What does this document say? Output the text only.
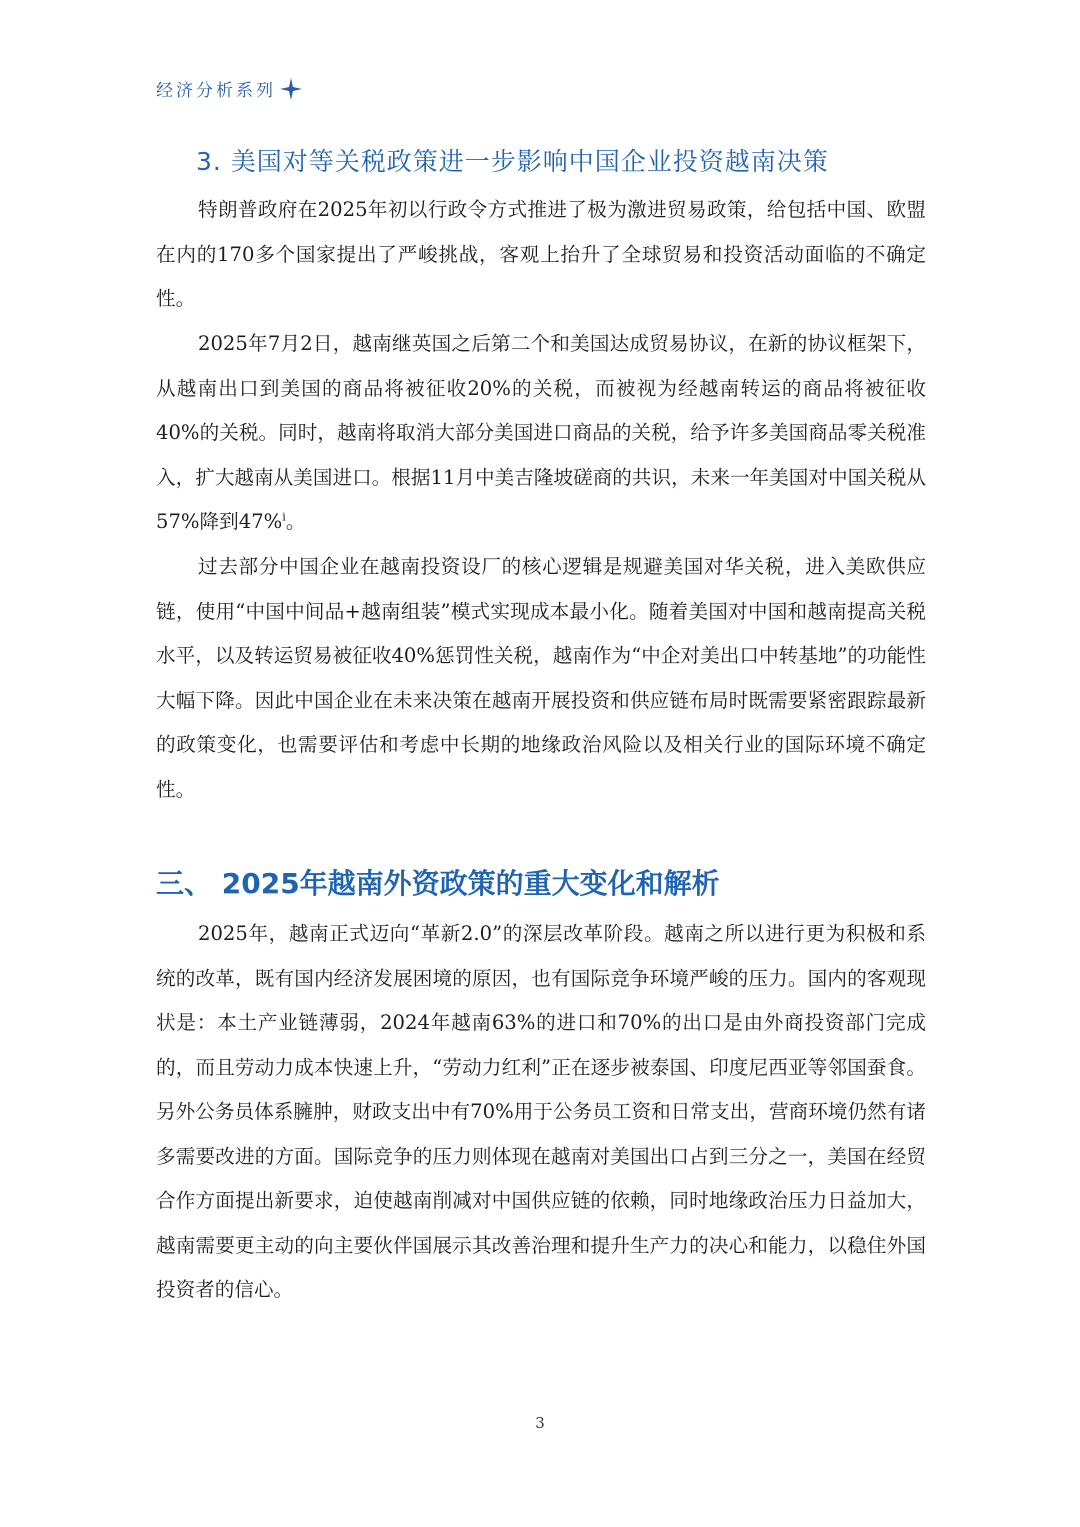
经济分析系列
3. 美国对等关税政策进一步影响中国企业投资越南决策

特朗普政府在2025年初以行政令方式推进了极为激进贸易政策，给包括中国、欧盟在内的170多个国家提出了严峻挑战，客观上抬升了全球贸易和投资活动面临的不确定性。

2025年7月2日，越南继英国之后第二个和美国达成贸易协议，在新的协议框架下，从越南出口到美国的商品将被征收20%的关税，而被视为经越南转运的商品将被征收40%的关税。同时，越南将取消大部分美国进口商品的关税，给予许多美国商品零关税准入，扩大越南从美国进口。根据11月中美吉隆坡磋商的共识，未来一年美国对中国关税从57%降到47%$^i$。

过去部分中国企业在越南投资设厂的核心逻辑是规避美国对华关税，进入美欧供应链，使用“中国中间品+越南组装”模式实现成本最小化。随着美国对中国和越南提高关税水平，以及转运贸易被征收40%惩罚性关税，越南作为“中企对美出口中转基地”的功能性大幅下降。因此中国企业在未来决策在越南开展投资和供应链布局时既需要紧密跟踪最新的政策变化，也需要评估和考虑中长期的地缘政治风险以及相关行业的国际环境不确定性。

三、 2025年越南外资政策的重大变化和解析

2025年，越南正式迈向“革新2.0”的深层改革阶段。越南之所以进行更为积极和系统的改革，既有国内经济发展困境的原因，也有国际竞争环境严峻的压力。国内的客观现状是：本土产业链薄弱，2024年越南63%的进口和70%的出口是由外商投资部门完成的，而且劳动力成本快速上升，“劳动力红利”正在逐步被泰国、印度尼西亚等邻国蚕食。另外公务员体系臃肿，财政支出中有70%用于公务员工资和日常支出，营商环境仍然有诸多需要改进的方面。国际竞争的压力则体现在越南对美国出口占到三分之一，美国在经贸合作方面提出新要求，迫使越南削减对中国供应链的依赖，同时地缘政治压力日益加大，越南需要更主动的向主要伙伴国展示其改善治理和提升生产力的决心和能力，以稳住外国投资者的信心。

3
